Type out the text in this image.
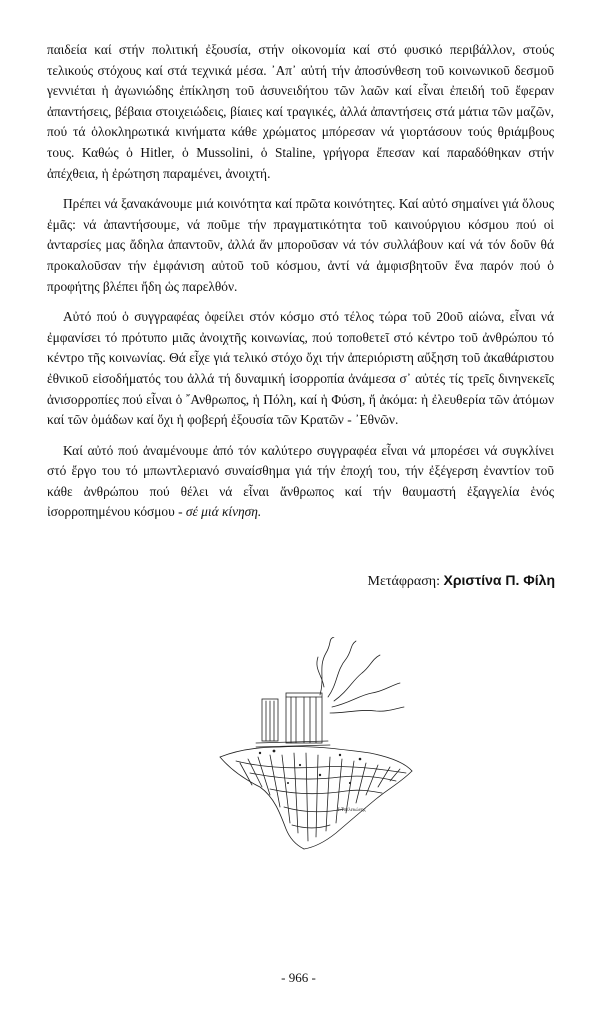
παιδεία καί στήν πολιτική ἐξουσία, στήν οἰκονομία καί στό φυσικό περιβάλλον, στούς τελικούς στόχους καί στά τεχνικά μέσα. ᾿Απ᾿ αὐτή τήν ἀποσύνθεση τοῦ κοινωνικοῦ δεσμοῦ γεννιέται ἡ ἀγωνιώδης ἐπίκληση τοῦ ἀσυνειδήτου τῶν λαῶν καί εἶναι ἐπειδή τοῦ ἔφεραν ἀπαντήσεις, βέβαια στοιχειώδεις, βίαιες καί τραγικές, ἀλλά ἀπαντήσεις στά μάτια τῶν μαζῶν, πού τά ὁλοκληρωτικά κινήματα κάθε χρώματος μπόρεσαν νά γιορτάσουν τούς θριάμβους τους. Καθώς ὁ Hitler, ὁ Mussolini, ὁ Staline, γρήγορα ἔπεσαν καί παραδόθηκαν στήν ἀπέχθεια, ἡ ἐρώτηση παραμένει, ἀνοιχτή.

Πρέπει νά ξανακάνουμε μιά κοινότητα καί πρῶτα κοινότητες. Καί αὐτό σημαίνει γιά ὅλους ἐμᾶς: νά ἀπαντήσουμε, νά ποῦμε τήν πραγματικότητα τοῦ καινούργιου κόσμου πού οἱ ἀνταρσίες μας ἄδηλα ἀπαντοῦν, ἀλλά ἄν μποροῦσαν νά τόν συλλάβουν καί νά τόν δοῦν θά προκαλοῦσαν τήν ἐμφάνιση αὐτοῦ τοῦ κόσμου, ἀντί νά ἀμφισβητοῦν ἕνα παρόν πού ὁ προφήτης βλέπει ἤδη ὡς παρελθόν.

Αὐτό πού ὁ συγγραφέας ὀφείλει στόν κόσμο στό τέλος τώρα τοῦ 20οῦ αἰώνα, εἶναι νά ἐμφανίσει τό πρότυπο μιᾶς ἀνοιχτῆς κοινωνίας, πού τοποθετεῖ στό κέντρο τοῦ ἀνθρώπου τό κέντρο τῆς κοινωνίας. Θά εἶχε γιά τελικό στόχο ὄχι τήν ἀπεριόριστη αὔξηση τοῦ ἀκαθάριστου ἐθνικοῦ εἰσοδήματός του ἀλλά τή δυναμική ἰσορροπία ἀνάμεσα σ᾿ αὐτές τίς τρεῖς δινηνεκεῖς ἀνισορροπίες πού εἶναι ὁ ῎Ανθρωπος, ἡ Πόλη, καί ἡ Φύση, ἤ ἀκόμα: ἡ ἐλευθερία τῶν ἀτόμων καί τῶν ὁμάδων καί ὄχι ἡ φοβερή ἐξουσία τῶν Κρατῶν - ᾿Εθνῶν.

Καί αὐτό πού ἀναμένουμε ἀπό τόν καλύτερο συγγραφέα εἶναι νά μπορέσει νά συγκλίνει στό ἔργο του τό μπωντλεριανό συναίσθημα γιά τήν ἐποχή του, τήν ἐξέγερση ἐναντίον τοῦ κάθε ἀνθρώπου πού θέλει νά εἶναι ἄνθρωπος καί τήν θαυμαστή ἐξαγγελία ἑνός ἰσορροπημένου κόσμου - σέ μιά κίνηση.

Μετάφραση: Χριστίνα Π. Φίλη
Ι.Τσελεκώνης
- 966 -
